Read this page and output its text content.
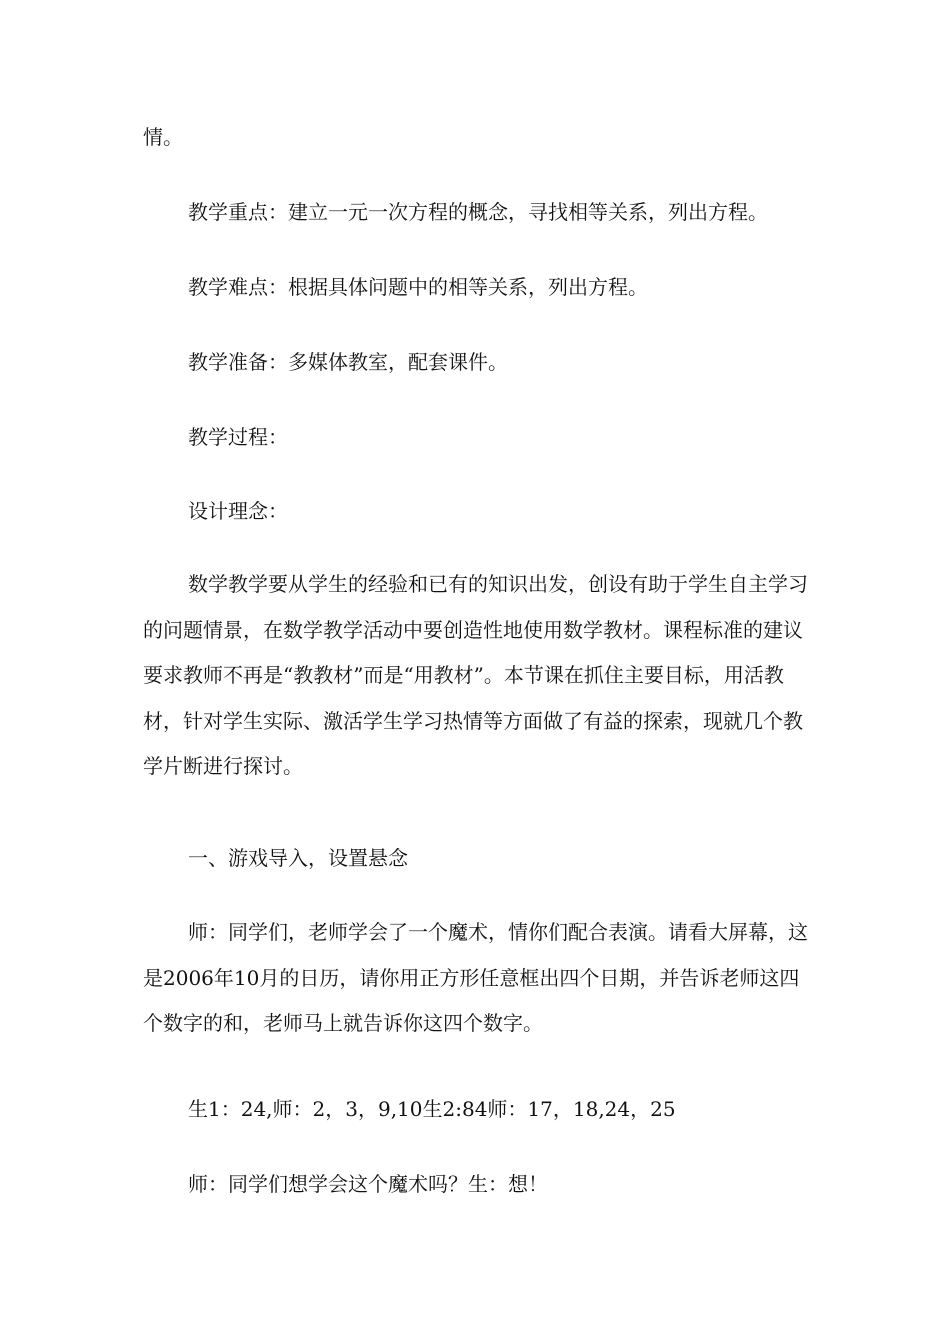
情。
教学重点：建立一元一次方程的概念，寻找相等关系，列出方程。
教学难点：根据具体问题中的相等关系，列出方程。
教学准备：多媒体教室，配套课件。
教学过程：
设计理念：
数学教学要从学生的经验和已有的知识出发，创设有助于学生自主学习的问题情景，在数学教学活动中要创造性地使用数学教材。课程标准的建议要求教师不再是“教教材”而是“用教材”。本节课在抓住主要目标，用活教材，针对学生实际、激活学生学习热情等方面做了有益的探索，现就几个教学片断进行探讨。
一、游戏导入，设置悬念
师：同学们，老师学会了一个魔术，情你们配合表演。请看大屏幕，这是2006年10月的日历，请你用正方形任意框出四个日期，并告诉老师这四个数字的和，老师马上就告诉你这四个数字。
生1：24,师：2，3，9,10生2:84师：17，18,24，25
师：同学们想学会这个魔术吗？生：想！
